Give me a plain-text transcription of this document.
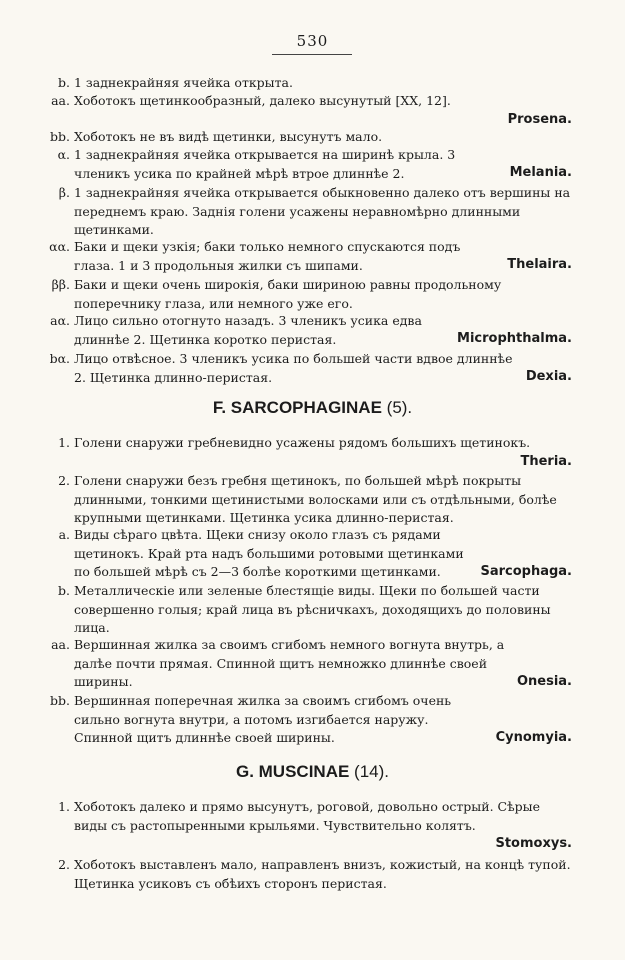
530
b. 1 заднекрайняя ячейка открыта.
aa. Хоботокъ щетинкообразный, далеко высунутый [XX, 12].
Prosena.
bb. Хоботокъ не въ видѣ щетинки, высунутъ мало.
α.
Melania.
1 заднекрайняя ячейка открывается на ширинѣ крыла. 3 членикъ усика по крайней мѣрѣ втрое длиннѣе 2.
β. 1 заднекрайняя ячейка открывается обыкновенно далеко отъ вершины на переднемъ краю. Заднія голени усажены неравномѣрно длинными щетинками.
αα.
Thelaira.
Баки и щеки узкія; баки только немного спускаются подъ глаза. 1 и 3 продольныя жилки съ шипами.
ββ. Баки и щеки очень широкія, баки шириною равны продольному поперечнику глаза, или немного уже его.
aα.
Microphthalma.
Лицо сильно отогнуто назадъ. 3 членикъ усика едва длиннѣе 2. Щетинка коротко перистая.
bα.
Dexia.
Лицо отвѣсное. 3 членикъ усика по большей части вдвое длиннѣе 2. Щетинка длинно-перистая.
F. SARCOPHAGINAE (5).
1. Голени снаружи гребневидно усажены рядомъ большихъ щетинокъ.
Theria.
2. Голени снаружи безъ гребня щетинокъ, по большей мѣрѣ покрыты длинными, тонкими щетинистыми волосками или съ отдѣльными, болѣе крупными щетинками. Щетинка усика длинно-перистая.
a.
Sarcophaga.
Виды сѣраго цвѣта. Щеки снизу около глазъ съ рядами щетинокъ. Край рта надъ большими ротовыми щетинками по большей мѣрѣ съ 2—3 болѣе короткими щетинками.
b. Металлическіе или зеленые блестящіе виды. Щеки по большей части совершенно голыя; край лица въ рѣсничкахъ, доходящихъ до половины лица.
aa.
Onesia.
Вершинная жилка за своимъ сгибомъ немного вогнута внутрь, а далѣе почти прямая. Спинной щитъ немножко длиннѣе своей ширины.
bb.
Cynomyia.
Вершинная поперечная жилка за своимъ сгибомъ очень сильно вогнута внутри, а потомъ изгибается наружу. Спинной щитъ длиннѣе своей ширины.
G. MUSCINAE (14).
1. Хоботокъ далеко и прямо высунутъ, роговой, довольно острый. Сѣрые виды съ растопыренными крыльями. Чувствительно колятъ.
Stomoxys.
2. Хоботокъ выставленъ мало, направленъ внизъ, кожистый, на концѣ тупой. Щетинка усиковъ съ обѣихъ сторонъ перистая.
